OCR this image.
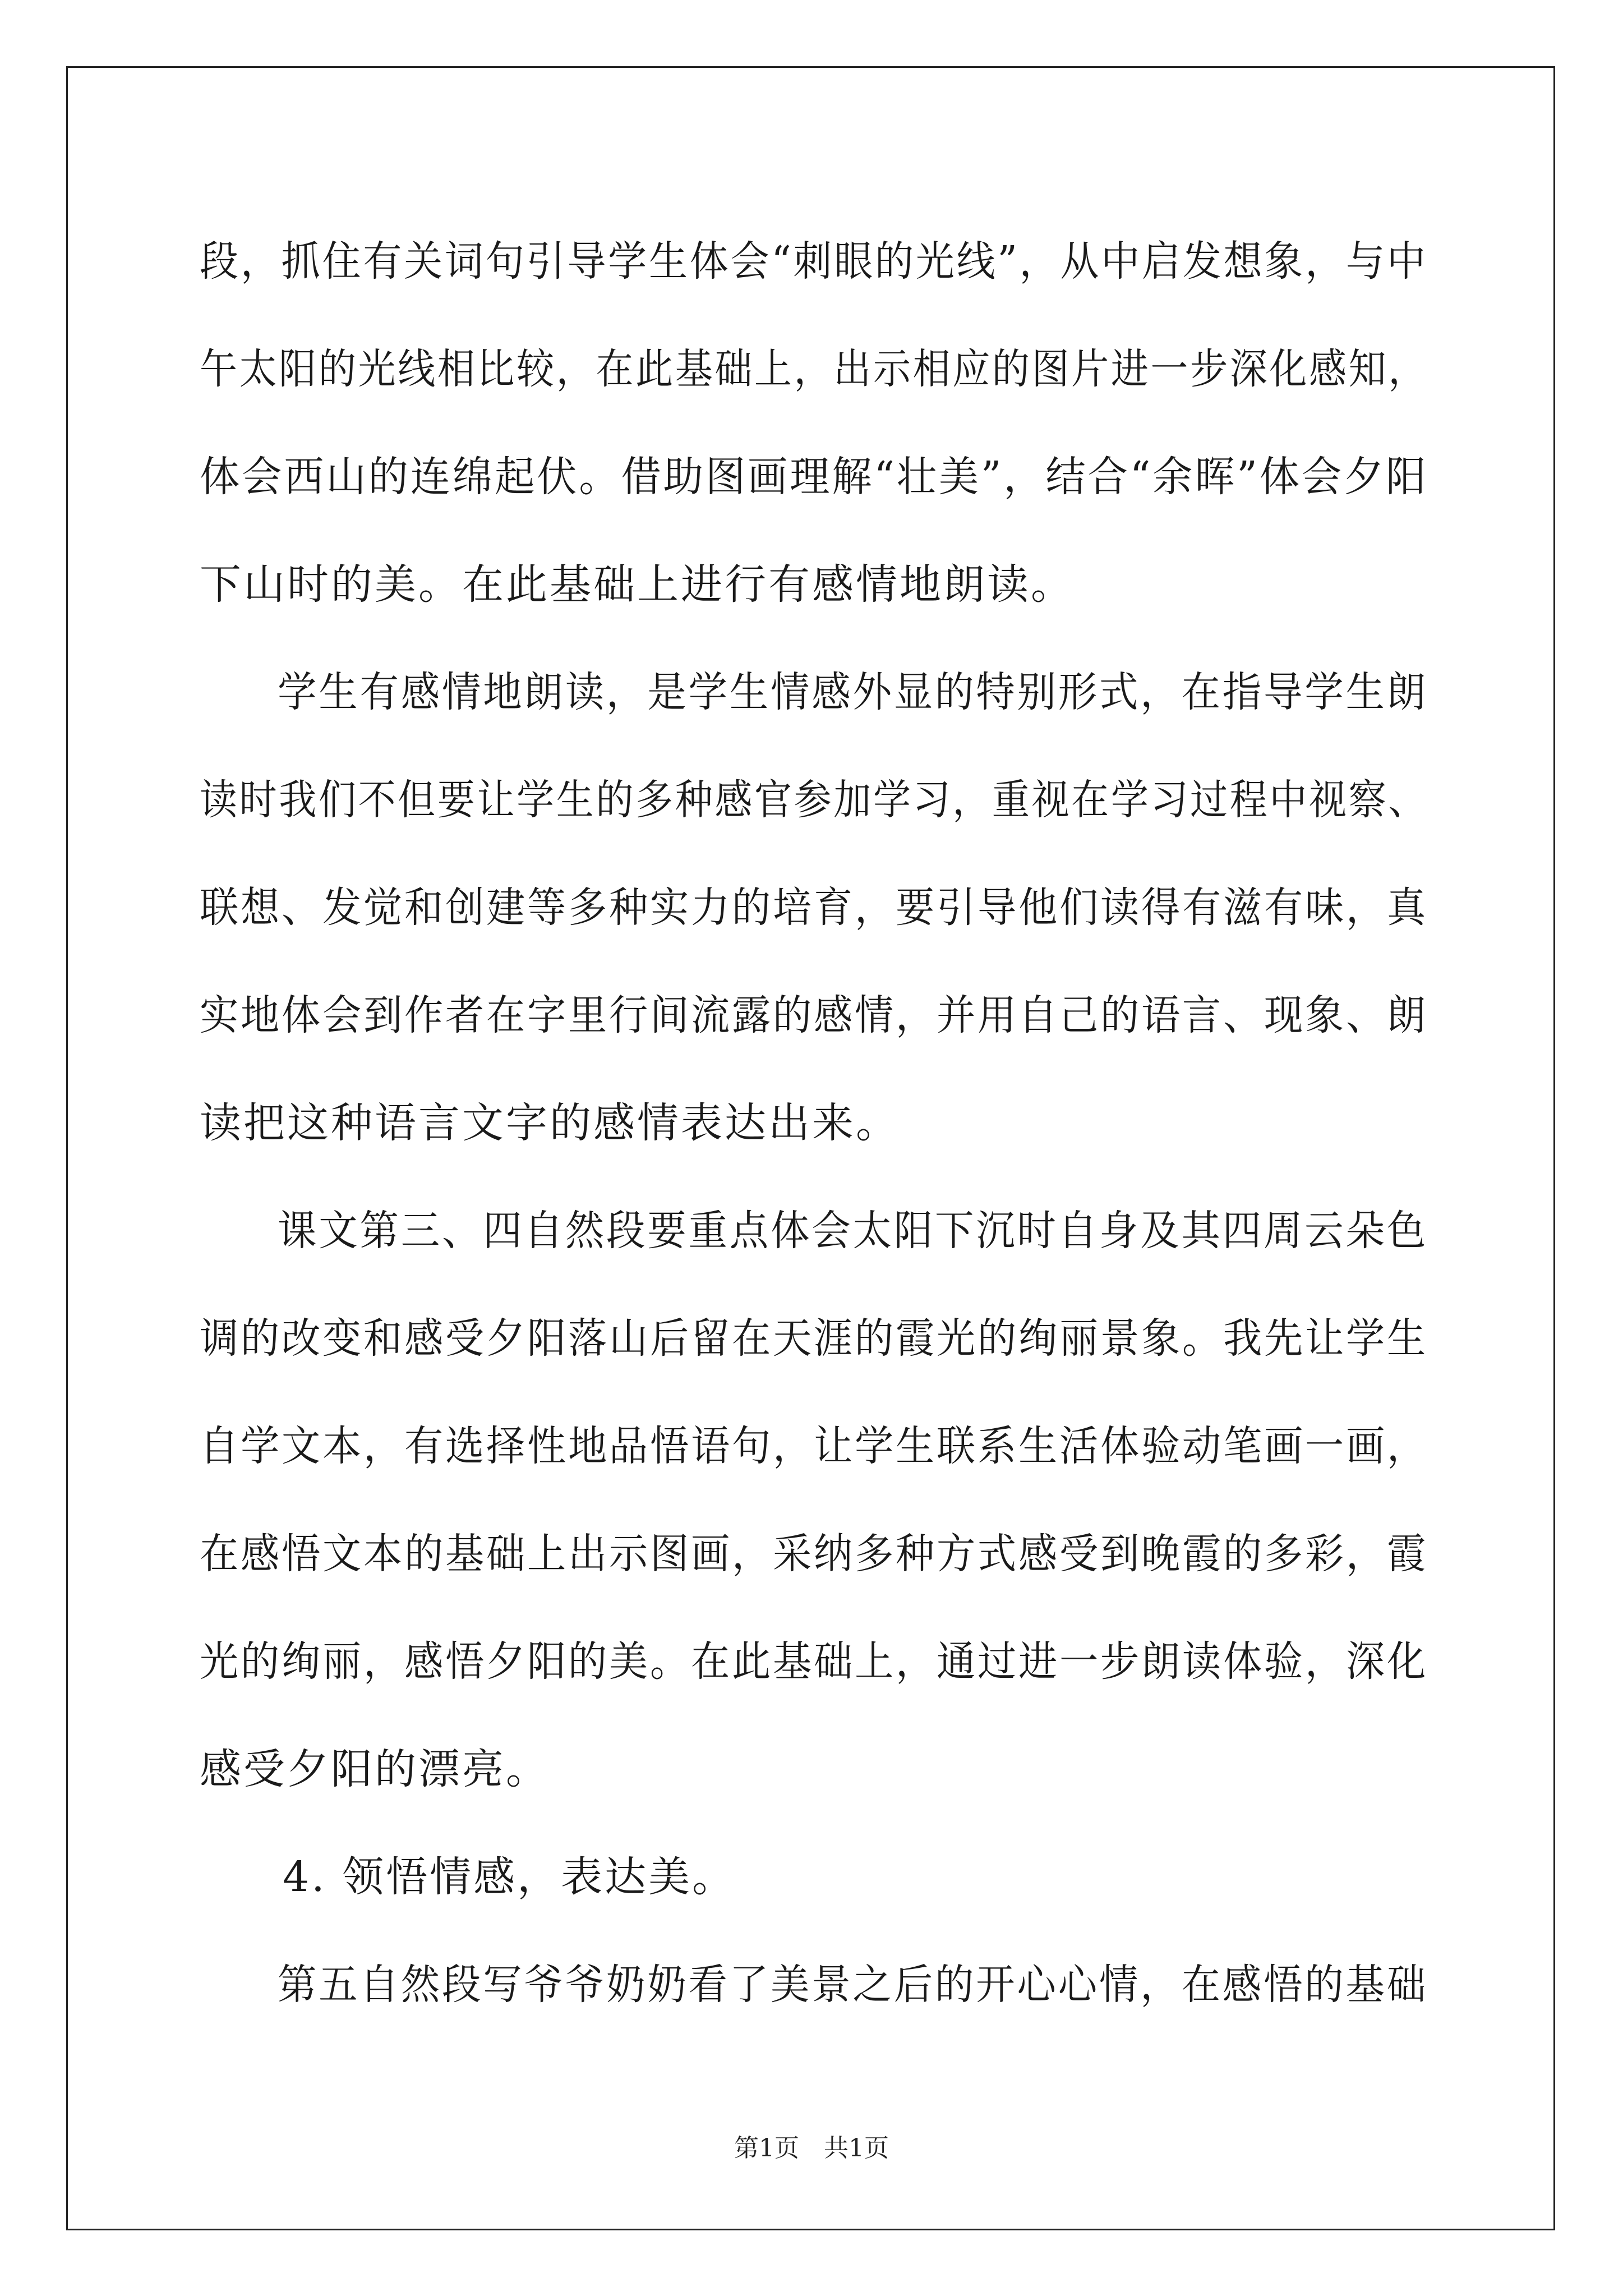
段，抓住有关词句引导学生体会“刺眼的光线”，从中启发想象，与中
午太阳的光线相比较，在此基础上，出示相应的图片进一步深化感知，
体会西山的连绵起伏。借助图画理解“壮美”，结合“余晖”体会夕阳
下山时的美。在此基础上进行有感情地朗读。
学生有感情地朗读，是学生情感外显的特别形式，在指导学生朗
读时我们不但要让学生的多种感官参加学习，重视在学习过程中视察、
联想、发觉和创建等多种实力的培育，要引导他们读得有滋有味，真
实地体会到作者在字里行间流露的感情，并用自己的语言、现象、朗
读把这种语言文字的感情表达出来。
课文第三、四自然段要重点体会太阳下沉时自身及其四周云朵色
调的改变和感受夕阳落山后留在天涯的霞光的绚丽景象。我先让学生
自学文本，有选择性地品悟语句，让学生联系生活体验动笔画一画，
在感悟文本的基础上出示图画，采纳多种方式感受到晚霞的多彩，霞
光的绚丽，感悟夕阳的美。在此基础上，通过进一步朗读体验，深化
感受夕阳的漂亮。
4. 领悟情感，表达美。
第五自然段写爷爷奶奶看了美景之后的开心心情，在感悟的基础
第1页　共1页
